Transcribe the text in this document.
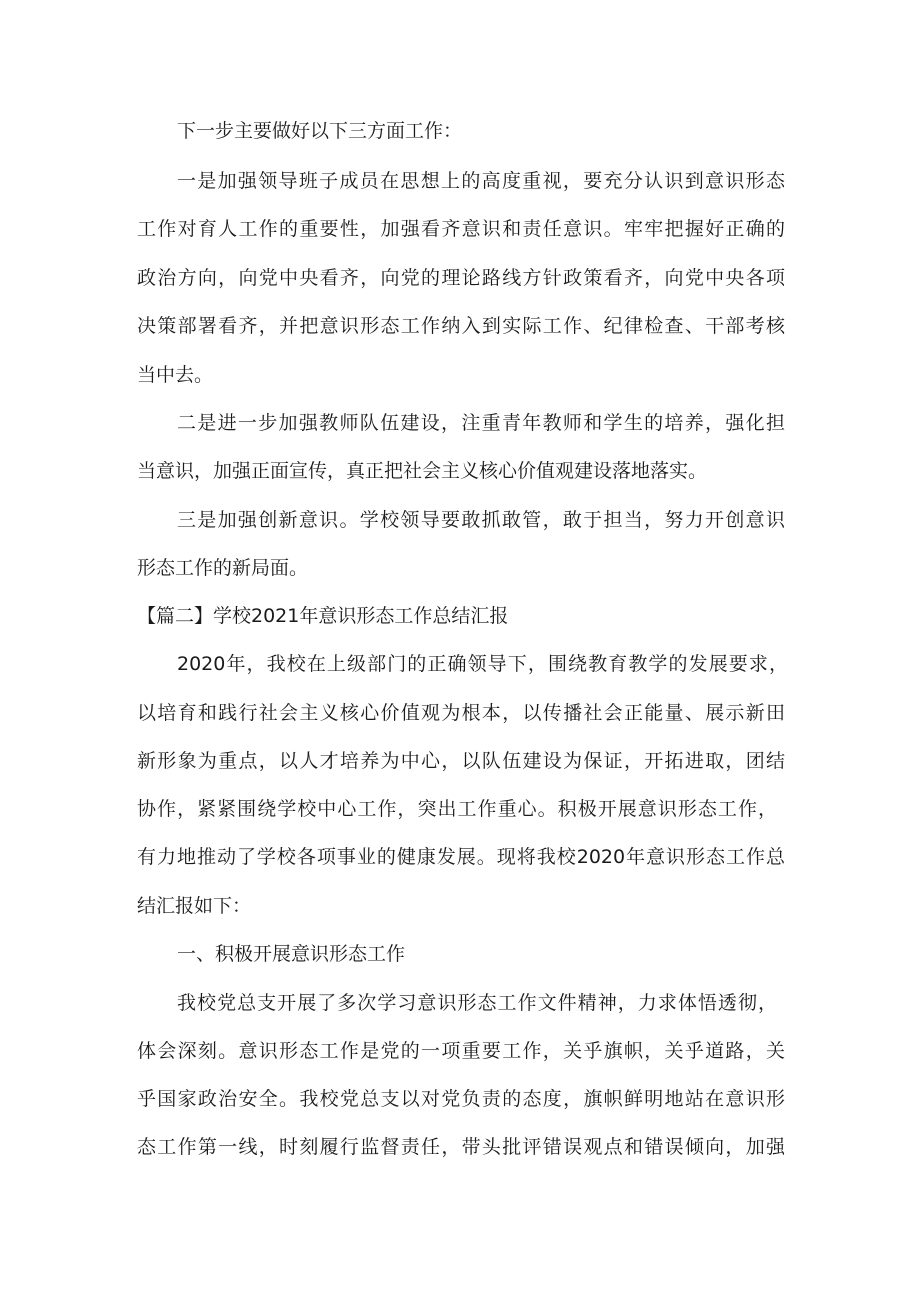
下一步主要做好以下三方面工作：

一是加强领导班子成员在思想上的高度重视，要充分认识到意识形态

工作对育人工作的重要性，加强看齐意识和责任意识。牢牢把握好正确的

政治方向，向党中央看齐，向党的理论路线方针政策看齐，向党中央各项

决策部署看齐，并把意识形态工作纳入到实际工作、纪律检查、干部考核

当中去。

二是进一步加强教师队伍建设，注重青年教师和学生的培养，强化担

当意识，加强正面宣传，真正把社会主义核心价值观建设落地落实。

三是加强创新意识。学校领导要敢抓敢管，敢于担当，努力开创意识

形态工作的新局面。

【篇二】学校2021年意识形态工作总结汇报

2020年，我校在上级部门的正确领导下，围绕教育教学的发展要求，

以培育和践行社会主义核心价值观为根本，以传播社会正能量、展示新田

新形象为重点，以人才培养为中心，以队伍建设为保证，开拓进取，团结

协作，紧紧围绕学校中心工作，突出工作重心。积极开展意识形态工作，

有力地推动了学校各项事业的健康发展。现将我校2020年意识形态工作总

结汇报如下：

一、积极开展意识形态工作

我校党总支开展了多次学习意识形态工作文件精神，力求体悟透彻，

体会深刻。意识形态工作是党的一项重要工作，关乎旗帜，关乎道路，关

乎国家政治安全。我校党总支以对党负责的态度，旗帜鲜明地站在意识形

态工作第一线，时刻履行监督责任，带头批评错误观点和错误倾向，加强
